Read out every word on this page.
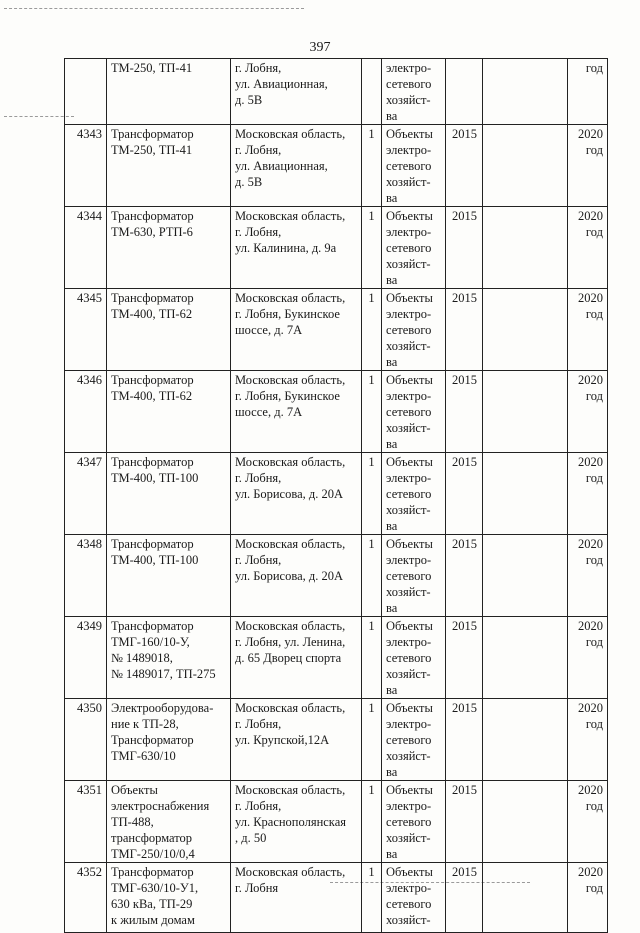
397
	ТМ-250, ТП-41	г. Лобня,
ул. Авиационная,
д. 5В		электро-
сетевого
хозяйст-
ва			год
4343	Трансформатор
ТМ-250, ТП-41	Московская область,
г. Лобня,
ул. Авиационная,
д. 5В	1	Объекты
электро-
сетевого
хозяйст-
ва	2015		2020
год
4344	Трансформатор
ТМ-630, РТП-6	Московская область,
г. Лобня,
ул. Калинина, д. 9а	1	Объекты
электро-
сетевого
хозяйст-
ва	2015		2020
год
4345	Трансформатор
ТМ-400, ТП-62	Московская область,
г. Лобня, Букинское
шоссе, д. 7А	1	Объекты
электро-
сетевого
хозяйст-
ва	2015		2020
год
4346	Трансформатор
ТМ-400, ТП-62	Московская область,
г. Лобня, Букинское
шоссе, д. 7А	1	Объекты
электро-
сетевого
хозяйст-
ва	2015		2020
год
4347	Трансформатор
ТМ-400, ТП-100	Московская область,
г. Лобня,
ул. Борисова, д. 20А	1	Объекты
электро-
сетевого
хозяйст-
ва	2015		2020
год
4348	Трансформатор
ТМ-400, ТП-100	Московская область,
г. Лобня,
ул. Борисова, д. 20А	1	Объекты
электро-
сетевого
хозяйст-
ва	2015		2020
год
4349	Трансформатор
ТМГ-160/10-У,
№ 1489018,
№ 1489017, ТП-275	Московская область,
г. Лобня, ул. Ленина,
д. 65 Дворец спорта	1	Объекты
электро-
сетевого
хозяйст-
ва	2015		2020
год
4350	Электрооборудова-
ние к ТП-28,
Трансформатор
ТМГ-630/10	Московская область,
г. Лобня,
ул. Крупской,12А	1	Объекты
электро-
сетевого
хозяйст-
ва	2015		2020
год
4351	Объекты
электроснабжения
ТП-488,
трансформатор
ТМГ-250/10/0,4	Московская область,
г. Лобня,
ул. Краснополянская
, д. 50	1	Объекты
электро-
сетевого
хозяйст-
ва	2015		2020
год
4352	Трансформатор
ТМГ-630/10-У1,
630 кВа, ТП-29
к жилым домам	Московская область,
г. Лобня	1	Объекты
электро-
сетевого
хозяйст-	2015		2020
год
